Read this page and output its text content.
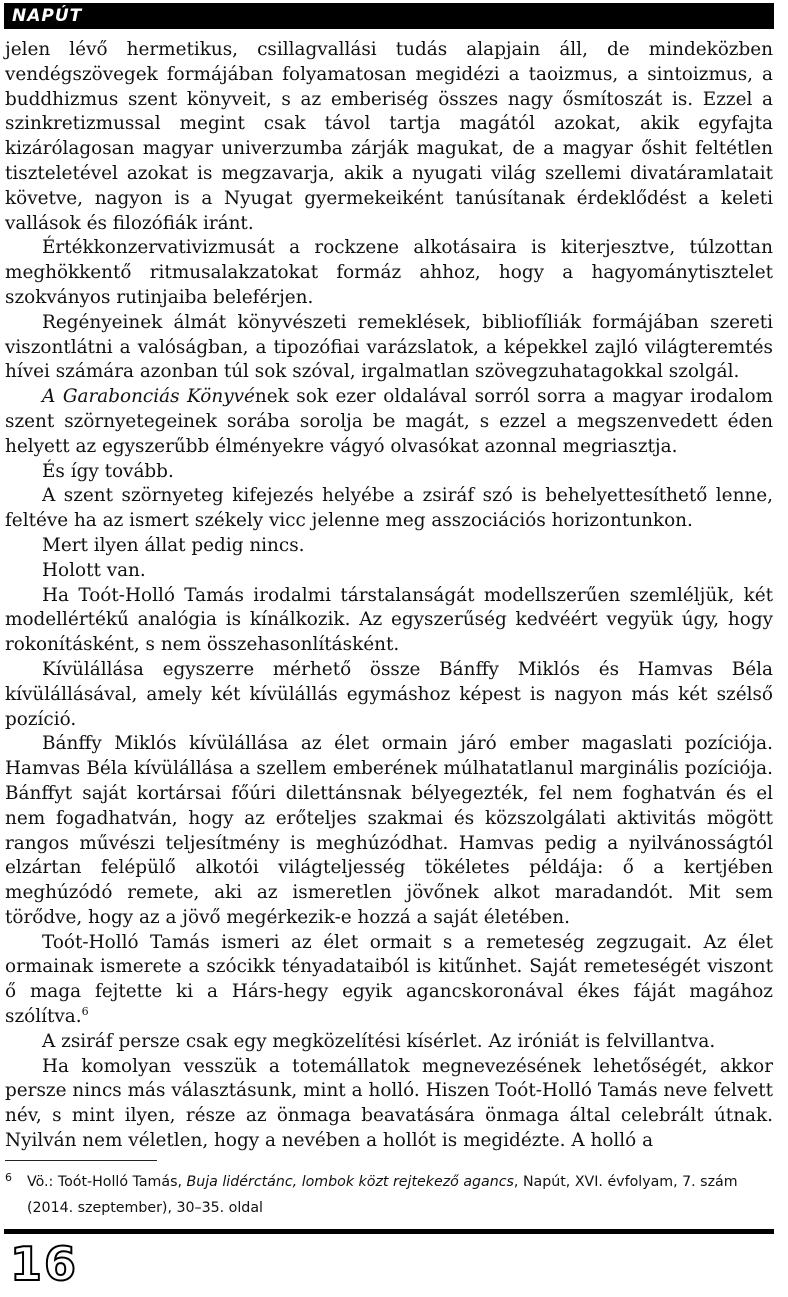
NAPÚT

jelen lévő hermetikus, csillagvallási tudás alapjain áll, de mindeközben vendégszövegek formájában folyamatosan megidézi a taoizmus, a sintoizmus, a buddhizmus szent könyveit, s az emberiség összes nagy ősmítoszát is. Ezzel a szinkretizmussal megint csak távol tartja magától azokat, akik egyfajta kizárólagosan magyar univerzumba zárják magukat, de a magyar őshit feltétlen tiszteletével azokat is megzavarja, akik a nyugati világ szellemi divatáramlatait követve, nagyon is a Nyugat gyermekeiként tanúsítanak érdeklődést a keleti vallások és filozófiák iránt.

Értékkonzervativizmusát a rockzene alkotásaira is kiterjesztve, túlzottan meghökkentő ritmusalakzatokat formáz ahhoz, hogy a hagyománytisztelet szokványos rutinjaiba beleférjen.

Regényeinek álmát könyvészeti remeklések, bibliofíliák formájában szereti viszontlátni a valóságban, a tipozófiai varázslatok, a képekkel zajló világteremtés hívei számára azonban túl sok szóval, irgalmatlan szövegzuhatagokkal szolgál.

A Garabonciás Könyvének sok ezer oldalával sorról sorra a magyar irodalom szent szörnyetegeinek sorába sorolja be magát, s ezzel a megszenvedett éden helyett az egyszerűbb élményekre vágyó olvasókat azonnal megriasztja.

És így tovább.

A szent szörnyeteg kifejezés helyébe a zsiráf szó is behelyettesíthető lenne, feltéve ha az ismert székely vicc jelenne meg asszociációs horizontunkon.

Mert ilyen állat pedig nincs.

Holott van.

Ha Toót-Holló Tamás irodalmi társtalanságát modellszerűen szemléljük, két modellértékű analógia is kínálkozik. Az egyszerűség kedvéért vegyük úgy, hogy rokonításként, s nem összehasonlításként.

Kívülállása egyszerre mérhető össze Bánffy Miklós és Hamvas Béla kívülállásával, amely két kívülállás egymáshoz képest is nagyon más két szélső pozíció.

Bánffy Miklós kívülállása az élet ormain járó ember magaslati pozíciója. Hamvas Béla kívülállása a szellem emberének múlhatatlanul marginális pozíciója. Bánffyt saját kortársai főúri dilettánsnak bélyegezték, fel nem foghatván és el nem fogadhatván, hogy az erőteljes szakmai és közszolgálati aktivitás mögött rangos művészi teljesítmény is meghúzódhat. Hamvas pedig a nyilvánosságtól elzártan felépülő alkotói világteljesség tökéletes példája: ő a kertjében meghúzódó remete, aki az ismeretlen jövőnek alkot maradandót. Mit sem törődve, hogy az a jövő megérkezik-e hozzá a saját életében.

Toót-Holló Tamás ismeri az élet ormait s a remeteség zegzugait. Az élet ormainak ismerete a szócikk tényadataiból is kitűnhet. Saját remeteségét viszont ő maga fejtette ki a Hárs-hegy egyik agancskoronával ékes fáját magához szólítva.$^6$

A zsiráf persze csak egy megközelítési kísérlet. Az iróniát is felvillantva.

Ha komolyan vesszük a totemállatok megnevezésének lehetőségét, akkor persze nincs más választásunk, mint a holló. Hiszen Toót-Holló Tamás neve felvett név, s mint ilyen, része az önmaga beavatására önmaga által celebrált útnak. Nyilván nem véletlen, hogy a nevében a hollót is megidézte. A holló a

6 Vö.: Toót-Holló Tamás, Buja lidérctánc, lombok közt rejtekező agancs, Napút, XVI. évfolyam, 7. szám (2014. szeptember), 30–35. oldal
16
